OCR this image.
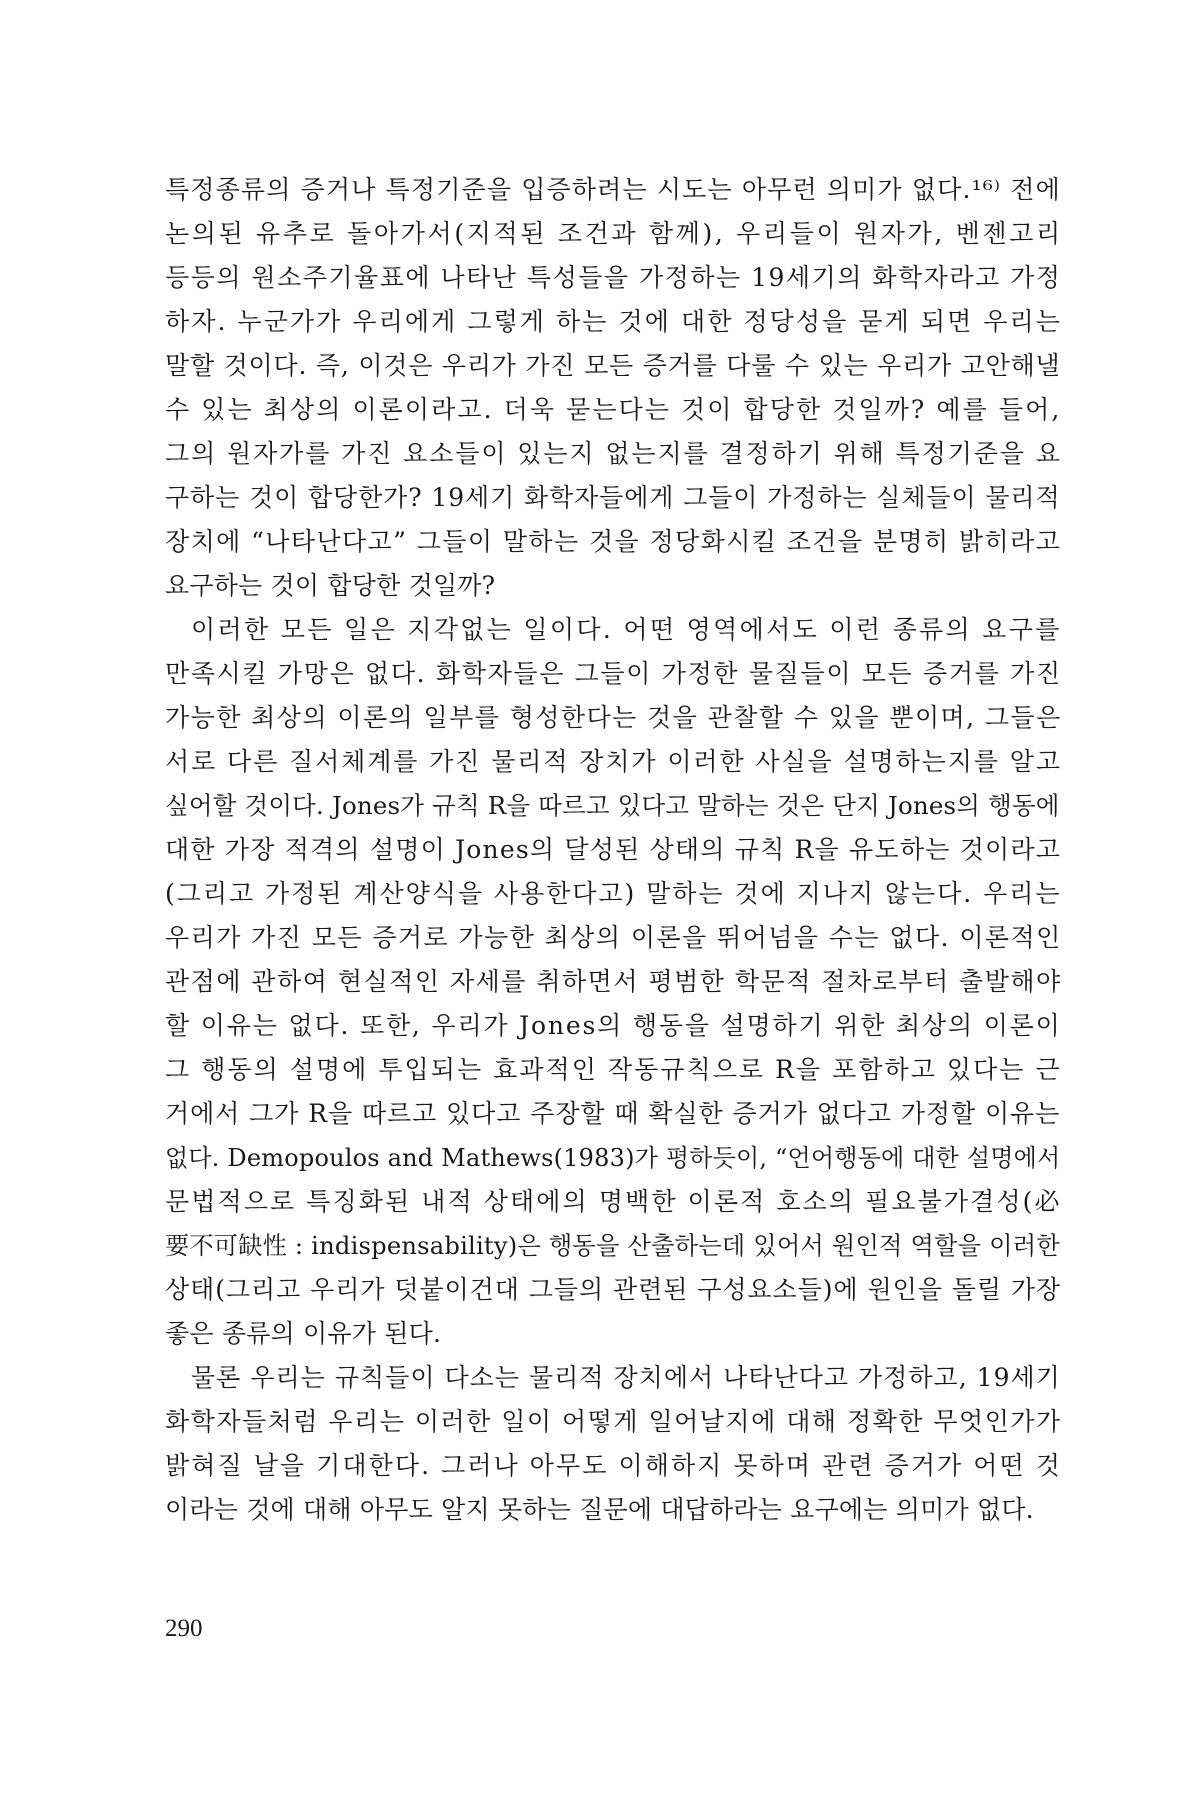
특정종류의 증거나 특정기준을 입증하려는 시도는 아무런 의미가 없다.¹⁶⁾ 전에
논의된 유추로 돌아가서(지적된 조건과 함께), 우리들이 원자가, 벤젠고리
등등의 원소주기율표에 나타난 특성들을 가정하는 19세기의 화학자라고 가정
하자. 누군가가 우리에게 그렇게 하는 것에 대한 정당성을 묻게 되면 우리는
말할 것이다. 즉, 이것은 우리가 가진 모든 증거를 다룰 수 있는 우리가 고안해낼
수 있는 최상의 이론이라고. 더욱 묻는다는 것이 합당한 것일까? 예를 들어,
그의 원자가를 가진 요소들이 있는지 없는지를 결정하기 위해 특정기준을 요
구하는 것이 합당한가? 19세기 화학자들에게 그들이 가정하는 실체들이 물리적
장치에 “나타난다고” 그들이 말하는 것을 정당화시킬 조건을 분명히 밝히라고
요구하는 것이 합당한 것일까?
이러한 모든 일은 지각없는 일이다. 어떤 영역에서도 이런 종류의 요구를
만족시킬 가망은 없다. 화학자들은 그들이 가정한 물질들이 모든 증거를 가진
가능한 최상의 이론의 일부를 형성한다는 것을 관찰할 수 있을 뿐이며, 그들은
서로 다른 질서체계를 가진 물리적 장치가 이러한 사실을 설명하는지를 알고
싶어할 것이다. Jones가 규칙 R을 따르고 있다고 말하는 것은 단지 Jones의 행동에
대한 가장 적격의 설명이 Jones의 달성된 상태의 규칙 R을 유도하는 것이라고
(그리고 가정된 계산양식을 사용한다고) 말하는 것에 지나지 않는다. 우리는
우리가 가진 모든 증거로 가능한 최상의 이론을 뛰어넘을 수는 없다. 이론적인
관점에 관하여 현실적인 자세를 취하면서 평범한 학문적 절차로부터 출발해야
할 이유는 없다. 또한, 우리가 Jones의 행동을 설명하기 위한 최상의 이론이
그 행동의 설명에 투입되는 효과적인 작동규칙으로 R을 포함하고 있다는 근
거에서 그가 R을 따르고 있다고 주장할 때 확실한 증거가 없다고 가정할 이유는
없다. Demopoulos and Mathews(1983)가 평하듯이, “언어행동에 대한 설명에서
문법적으로 특징화된 내적 상태에의 명백한 이론적 호소의 필요불가결성(必
要不可缺性 : indispensability)은 행동을 산출하는데 있어서 원인적 역할을 이러한
상태(그리고 우리가 덧붙이건대 그들의 관련된 구성요소들)에 원인을 돌릴 가장
좋은 종류의 이유가 된다.
물론 우리는 규칙들이 다소는 물리적 장치에서 나타난다고 가정하고, 19세기
화학자들처럼 우리는 이러한 일이 어떻게 일어날지에 대해 정확한 무엇인가가
밝혀질 날을 기대한다. 그러나 아무도 이해하지 못하며 관련 증거가 어떤 것
이라는 것에 대해 아무도 알지 못하는 질문에 대답하라는 요구에는 의미가 없다.
290
